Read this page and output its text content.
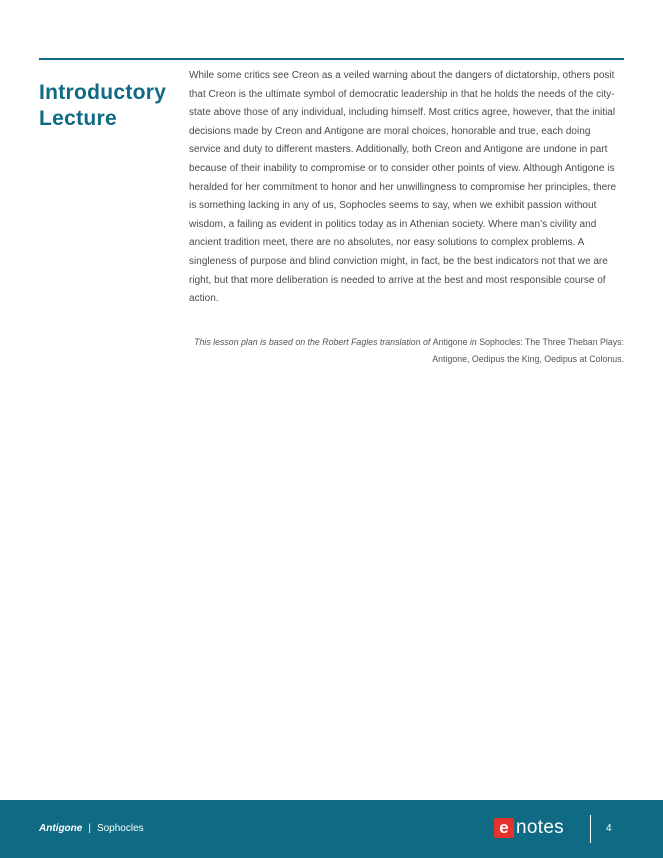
Introductory Lecture

While some critics see Creon as a veiled warning about the dangers of dictatorship, others posit that Creon is the ultimate symbol of democratic leadership in that he holds the needs of the city-state above those of any individual, including himself. Most critics agree, however, that the initial decisions made by Creon and Antigone are moral choices, honorable and true, each doing service and duty to different masters. Additionally, both Creon and Antigone are undone in part because of their inability to compromise or to consider other points of view. Although Antigone is heralded for her commitment to honor and her unwillingness to compromise her principles, there is something lacking in any of us, Sophocles seems to say, when we exhibit passion without wisdom, a failing as evident in politics today as in Athenian society. Where man’s civility and ancient tradition meet, there are no absolutes, nor easy solutions to complex problems. A singleness of purpose and blind conviction might, in fact, be the best indicators not that we are right, but that more deliberation is needed to arrive at the best and most responsible course of action.

This lesson plan is based on the Robert Fagles translation of Antigone in Sophocles: The Three Theban Plays: Antigone, Oedipus the King, Oedipus at Colonus.

Antigone | Sophocles	e notes	4
